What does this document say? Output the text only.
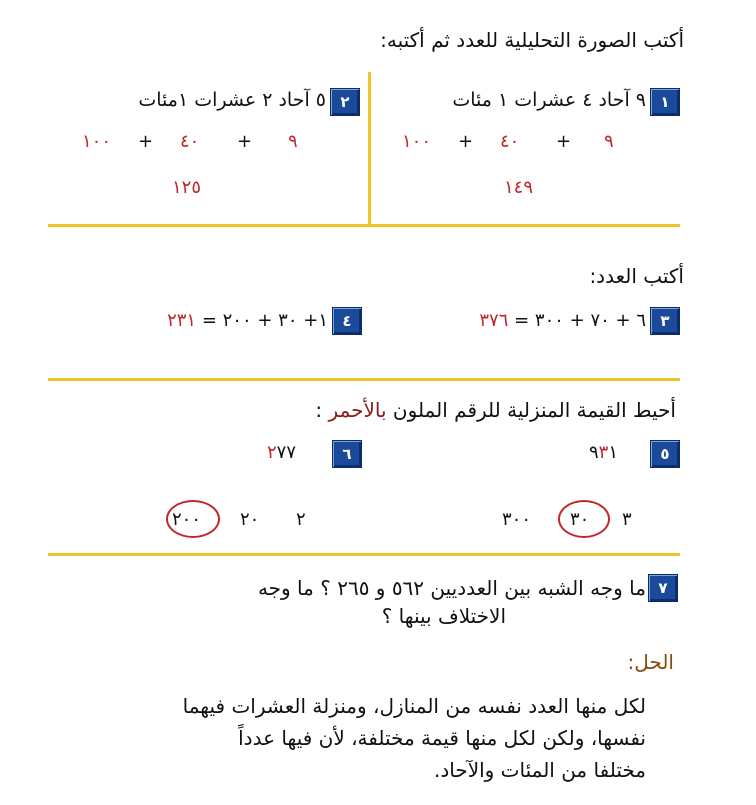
أكتب الصورة التحليلية للعدد ثم أكتبه:
١
٩ آحاد ٤ عشرات ١ مئات
٩
+
٤٠
+
١٠٠
١٤٩
٢
٥ آحاد ٢ عشرات ١مئات
٩
+
٤٠
+
١٠٠
١٢٥
أكتب العدد:
٣
٦ + ٧٠ + ٣٠٠ = ٣٧٦
٤
١+ ٣٠ + ٢٠٠ = ٢٣١
أحيط القيمة المنزلية للرقم الملون بالأحمر :
٥
٩٣١
٦
٢٧٧
٣
٣٠
٣٠٠
٢
٢٠
٢٠٠
٧
ما وجه الشبه بين العدديين ٥٦٢ و ٢٦٥ ؟ ما وجه
الاختلاف بينها ؟
الحل:
لكل منها العدد نفسه من المنازل، ومنزلة العشرات فيهما
نفسها، ولكن لكل منها قيمة مختلفة، لأن فيها عدداً
مختلفا من المئات والآحاد.
